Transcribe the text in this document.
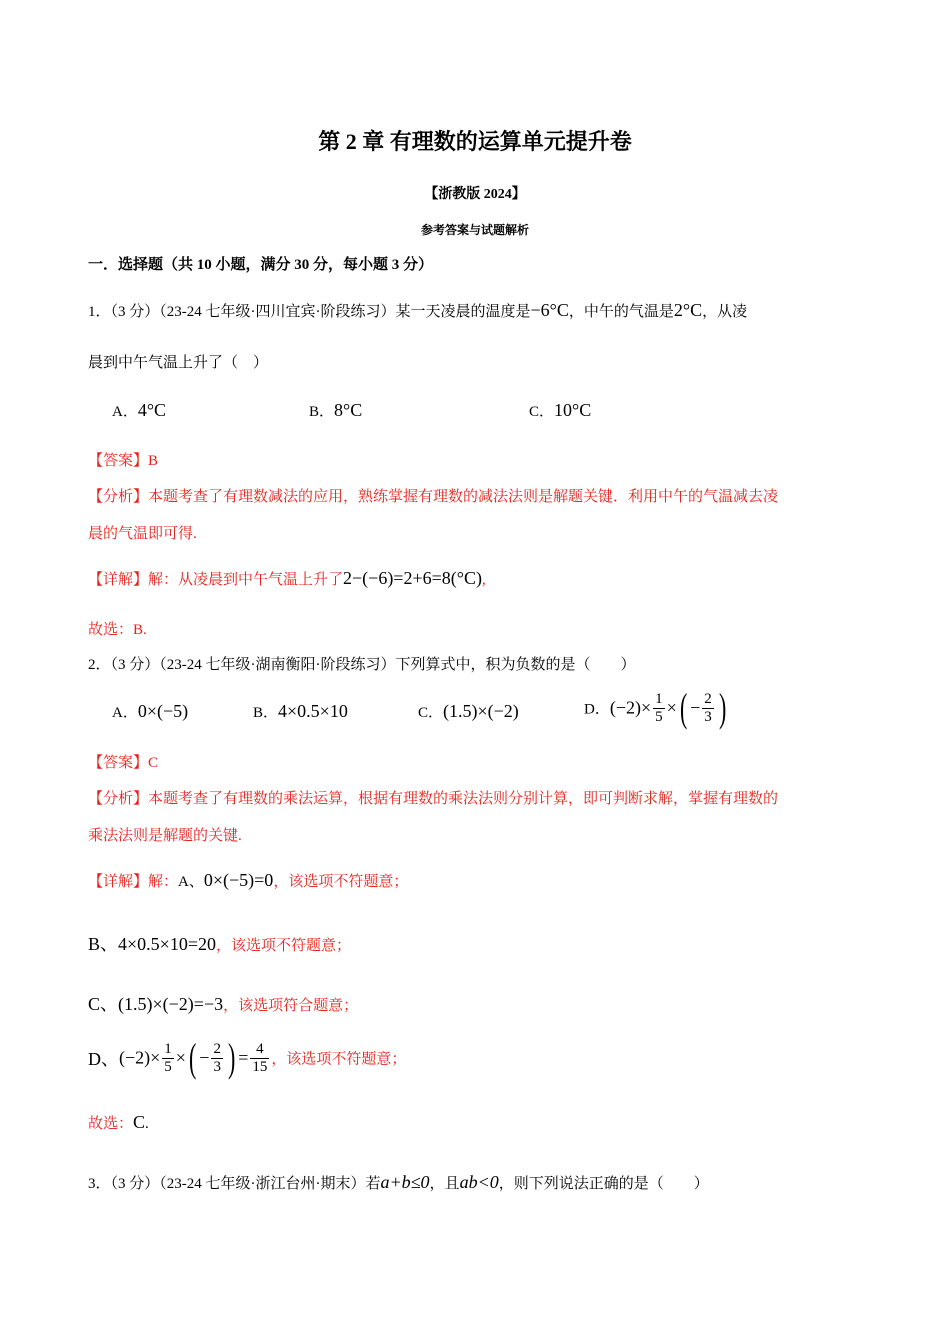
第 2 章 有理数的运算单元提升卷
【浙教版 2024】
参考答案与试题解析
一．选择题（共 10 小题，满分 30 分，每小题 3 分）
1．（3 分）（23-24 七年级·四川宜宾·阶段练习）某一天凌晨的温度是−6°C，中午的气温是2°C，从凌
晨到中午气温上升了（　）
A．4°C	B．8°C	C．10°C
【答案】B
【分析】本题考查了有理数减法的应用，熟练掌握有理数的减法法则是解题关键．利用中午的气温减去凌
晨的气温即可得.
【详解】解：从凌晨到中午气温上升了2−(−6)=2+6=8(°C),
故选：B.
2．（3 分）（23-24 七年级·湖南衡阳·阶段练习）下列算式中，积为负数的是（　　）
A．0×(−5)	B．4×0.5×10	C．(1.5)×(−2)	D．$(-2)\times \frac{1}{5}$ ×( − $\frac{2}{3}$ )
【答案】C
【分析】本题考查了有理数的乘法运算，根据有理数的乘法法则分别计算，即可判断求解，掌握有理数的
乘法法则是解题的关键.
【详解】解：A、0×(−5)=0，该选项不符题意；
B、4×0.5×10=20，该选项不符题意；
C、(1.5)×(−2)=−3，该选项符合题意；
D、$(-2)\times \frac{1}{5}$ ×( − $\frac{2}{3}$ ) = $\frac{4}{15}$ ，该选项不符题意；
故选：C.
3．（3 分）（23-24 七年级·浙江台州·期末）若a+b≤0，且ab<0，则下列说法正确的是（　　）
